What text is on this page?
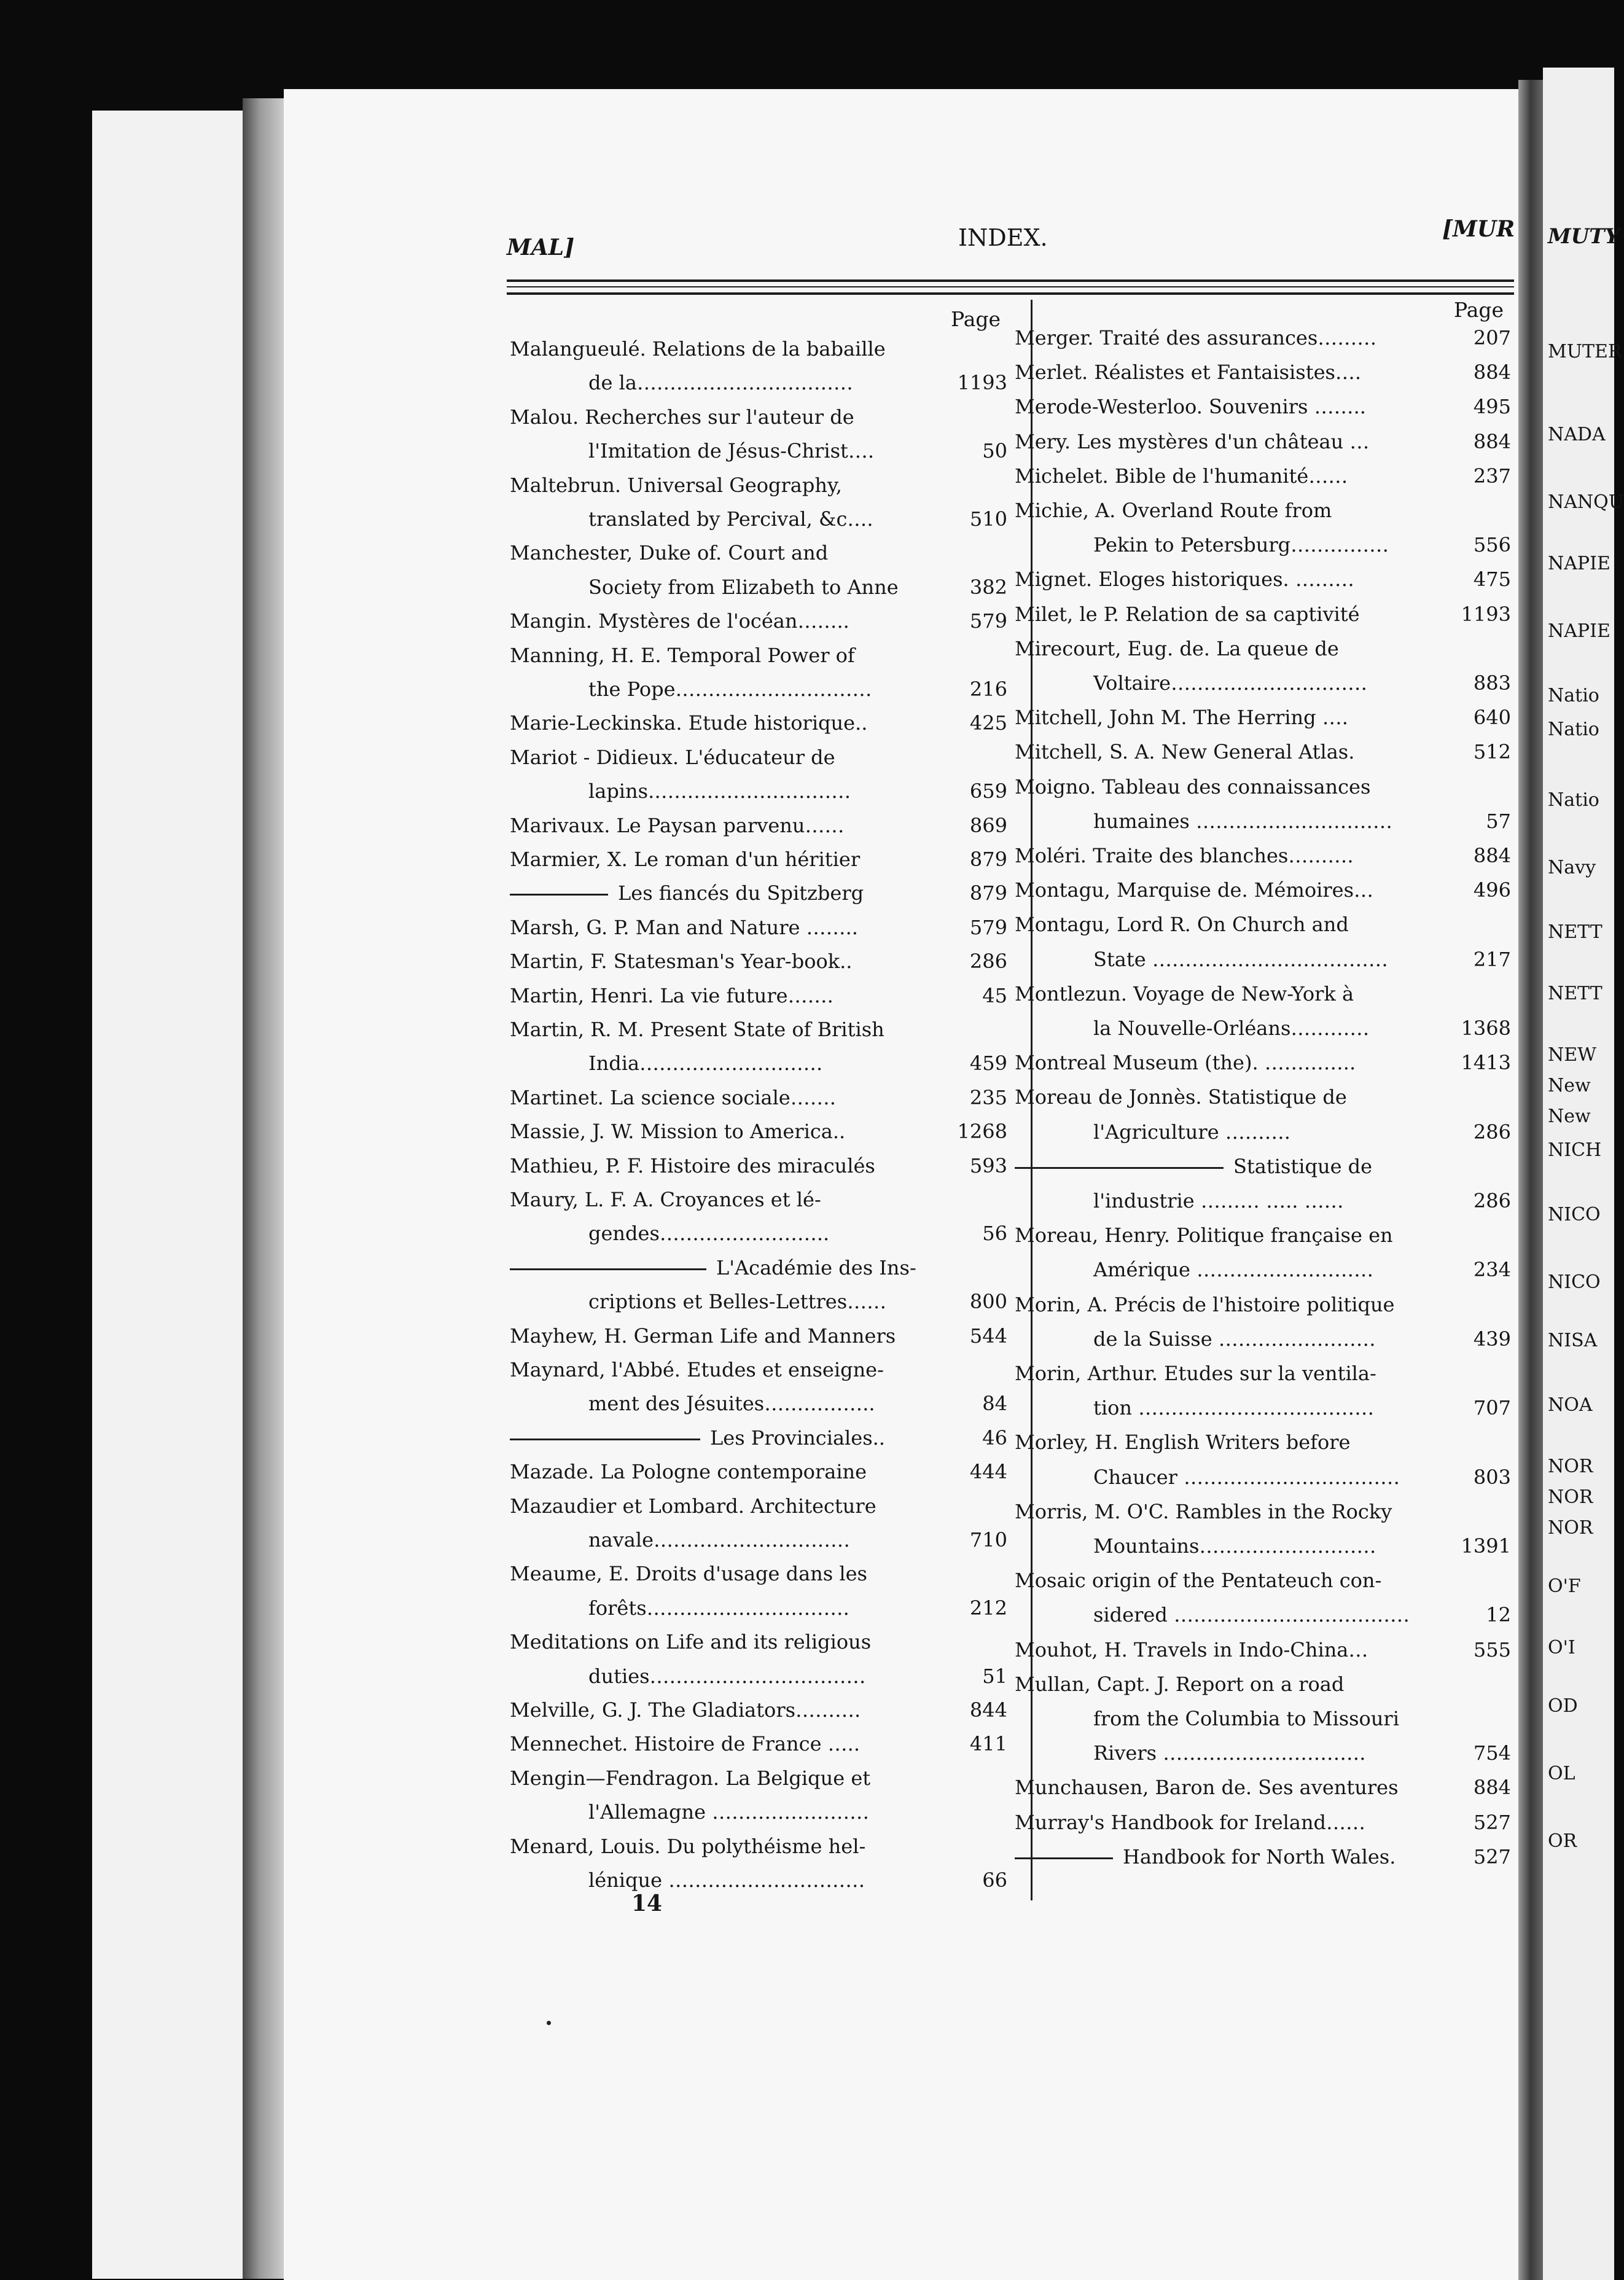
MUTY
MUTER
NADA
NANQU
NAPIE
NAPIE
Natio
Natio
Natio
Navy
NETT
NETT
NEW
New
New
NICH
NICO
NICO
NISA
NOA
NOR
NOR
NOR
O'F
O'I
OD
OL
OR
MAL]	INDEX.	[MUR
Page
Malangueulé. Relations de la babaille
de la……………………………	1193
Malou. Recherches sur l'auteur de
l'Imitation de Jésus-Christ….	50
Maltebrun. Universal Geography,
translated by Percival, &c….	510
Manchester, Duke of. Court and
Society from Elizabeth to Anne	382
Mangin. Mystères de l'océan……..	579
Manning, H. E. Temporal Power of
the Pope…………………………	216
Marie-Leckinska. Etude historique..	425
Mariot - Didieux. L'éducateur de
lapins.…………………………	659
Marivaux. Le Paysan parvenu……	869
Marmier, X. Le roman d'un héritier	879
Les fiancés du Spitzberg	879
Marsh, G. P. Man and Nature ……..	579
Martin, F. Statesman's Year-book..	286
Martin, Henri. La vie future…….	45
Martin, R. M. Present State of British
India……………………….	459
Martinet. La science sociale…….	235
Massie, J. W. Mission to America..	1268
Mathieu, P. F. Histoire des miraculés	593
Maury, L. F. A. Croyances et lé-
gendes……………………..	56
L'Académie des Ins-
criptions et Belles-Lettres……	800
Mayhew, H. German Life and Manners	544
Maynard, l'Abbé. Etudes et enseigne-
ment des Jésuites……………..	84
Les Provinciales..	46
Mazade. La Pologne contemporaine	444
Mazaudier et Lombard. Architecture
navale…………………………	710
Meaume, E. Droits d'usage dans les
forêts………………………….	212
Meditations on Life and its religious
duties……………………………	51
Melville, G. J. The Gladiators……….	844
Mennechet. Histoire de France …..	411
Mengin—Fendragon. La Belgique et
l'Allemagne ……………………
Menard, Louis. Du polythéisme hel-
lénique …………………………	66
Page
Merger. Traité des assurances………	207
Merlet. Réalistes et Fantaisistes….	884
Merode-Westerloo. Souvenirs ……..	495
Mery. Les mystères d'un château …	884
Michelet. Bible de l'humanité……	237
Michie, A. Overland Route from
Pekin to Petersburg……………	556
Mignet. Eloges historiques. ………	475
Milet, le P. Relation de sa captivité	1193
Mirecourt, Eug. de. La queue de
Voltaire…………………………	883
Mitchell, John M. The Herring ….	640
Mitchell, S. A. New General Atlas.	512
Moigno. Tableau des connaissances
humaines …………………………	57
Moléri. Traite des blanches……….	884
Montagu, Marquise de. Mémoires…	496
Montagu, Lord R. On Church and
State ………………………………	217
Montlezun. Voyage de New-York à
la Nouvelle-Orléans…………	1368
Montreal Museum (the). …………..	1413
Moreau de Jonnès. Statistique de
l'Agriculture ……….	286
Statistique de
l'industrie ……… ….. ……	286
Moreau, Henry. Politique française en
Amérique ………………………	234
Morin, A. Précis de l'histoire politique
de la Suisse ……………………	439
Morin, Arthur. Etudes sur la ventila-
tion ………………………………	707
Morley, H. English Writers before
Chaucer ……………………………	803
Morris, M. O'C. Rambles in the Rocky
Mountains………………………	1391
Mosaic origin of the Pentateuch con-
sidered ………………………………	12
Mouhot, H. Travels in Indo-China…	555
Mullan, Capt. J. Report on a road
from the Columbia to Missouri
Rivers ………………………….	754
Munchausen, Baron de. Ses aventures	884
Murray's Handbook for Ireland……	527
Handbook for North Wales.	527
14
